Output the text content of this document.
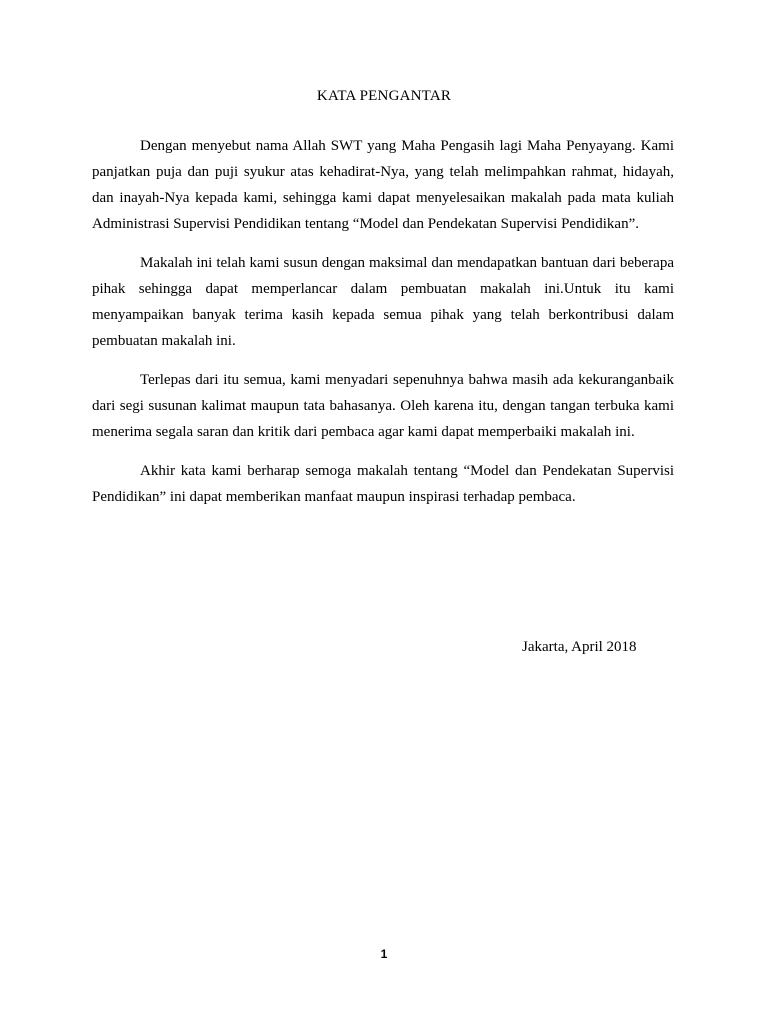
KATA PENGANTAR

Dengan menyebut nama Allah SWT yang Maha Pengasih lagi Maha Penyayang. Kami panjatkan puja dan puji syukur atas kehadirat-Nya, yang telah melimpahkan rahmat, hidayah, dan inayah-Nya kepada kami, sehingga kami dapat menyelesaikan makalah pada mata kuliah Administrasi Supervisi Pendidikan tentang “Model dan Pendekatan Supervisi Pendidikan”.

Makalah ini telah kami susun dengan maksimal dan mendapatkan bantuan dari beberapa pihak sehingga dapat memperlancar dalam pembuatan makalah ini.Untuk itu kami menyampaikan banyak terima kasih kepada semua pihak yang telah berkontribusi dalam pembuatan makalah ini.

Terlepas dari itu semua, kami menyadari sepenuhnya bahwa masih ada kekuranganbaik dari segi susunan kalimat maupun tata bahasanya. Oleh karena itu, dengan tangan terbuka kami menerima segala saran dan kritik dari pembaca agar kami dapat memperbaiki makalah ini.

Akhir kata kami berharap semoga makalah tentang “Model dan Pendekatan Supervisi Pendidikan” ini dapat memberikan manfaat maupun inspirasi terhadap pembaca.

Jakarta, April 2018
1
